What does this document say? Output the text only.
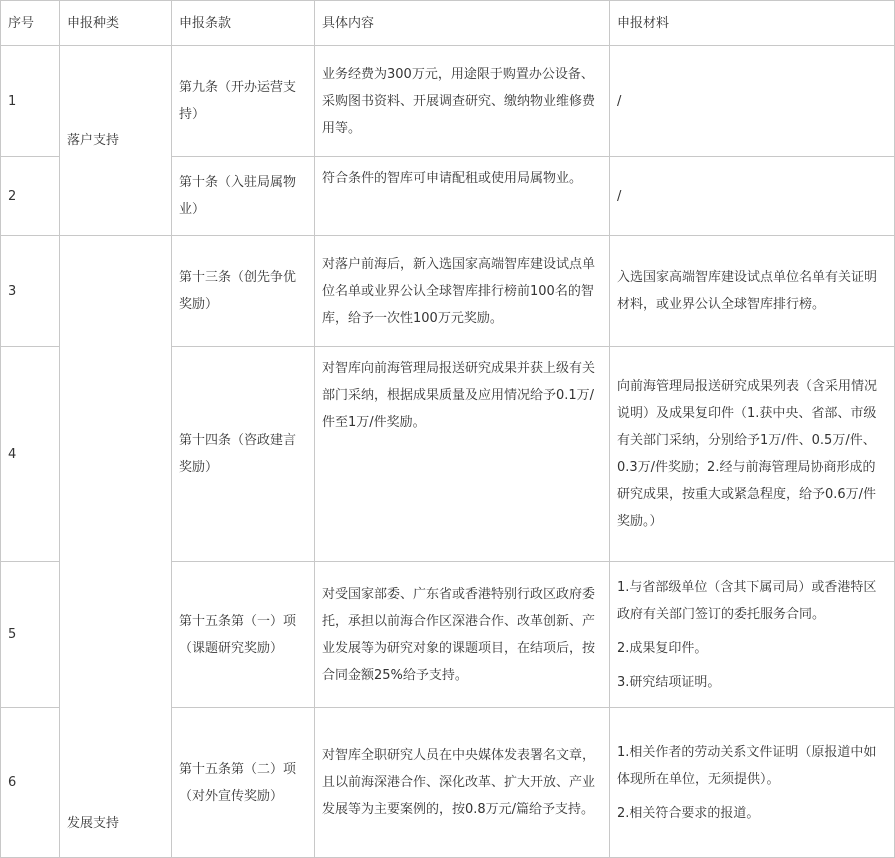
序号	申报种类	申报条款	具体内容	申报材料
1	落户支持	第九条（开办运营支持）	业务经费为300万元，用途限于购置办公设备、采购图书资料、开展调查研究、缴纳物业维修费用等。	/
2		第十条（入驻局属物业）	符合条件的智库可申请配租或使用局属物业。	/
3	发展支持	第十三条（创先争优奖励）	对落户前海后，新入选国家高端智库建设试点单位名单或业界公认全球智库排行榜前100名的智库，给予一次性100万元奖励。	入选国家高端智库建设试点单位名单有关证明材料，或业界公认全球智库排行榜。
4		第十四条（咨政建言奖励）	对智库向前海管理局报送研究成果并获上级有关部门采纳，根据成果质量及应用情况给予0.1万/件至1万/件奖励。	向前海管理局报送研究成果列表（含采用情况说明）及成果复印件（1.获中央、省部、市级有关部门采纳，分别给予1万/件、0.5万/件、0.3万/件奖励；2.经与前海管理局协商形成的研究成果，按重大或紧急程度，给予0.6万/件奖励。）
5		第十五条第（一）项（课题研究奖励）	对受国家部委、广东省或香港特别行政区政府委托，承担以前海合作区深港合作、改革创新、产业发展等为研究对象的课题项目，在结项后，按合同金额25%给予支持。	1.与省部级单位（含其下属司局）或香港特区政府有关部门签订的委托服务合同。
2.成果复印件。
3.研究结项证明。

6		第十五条第（二）项（对外宣传奖励）	对智库全职研究人员在中央媒体发表署名文章，且以前海深港合作、深化改革、扩大开放、产业发展等为主要案例的，按0.8万元/篇给予支持。	1.相关作者的劳动关系文件证明（原报道中如体现所在单位，无须提供）。
2.相关符合要求的报道。
